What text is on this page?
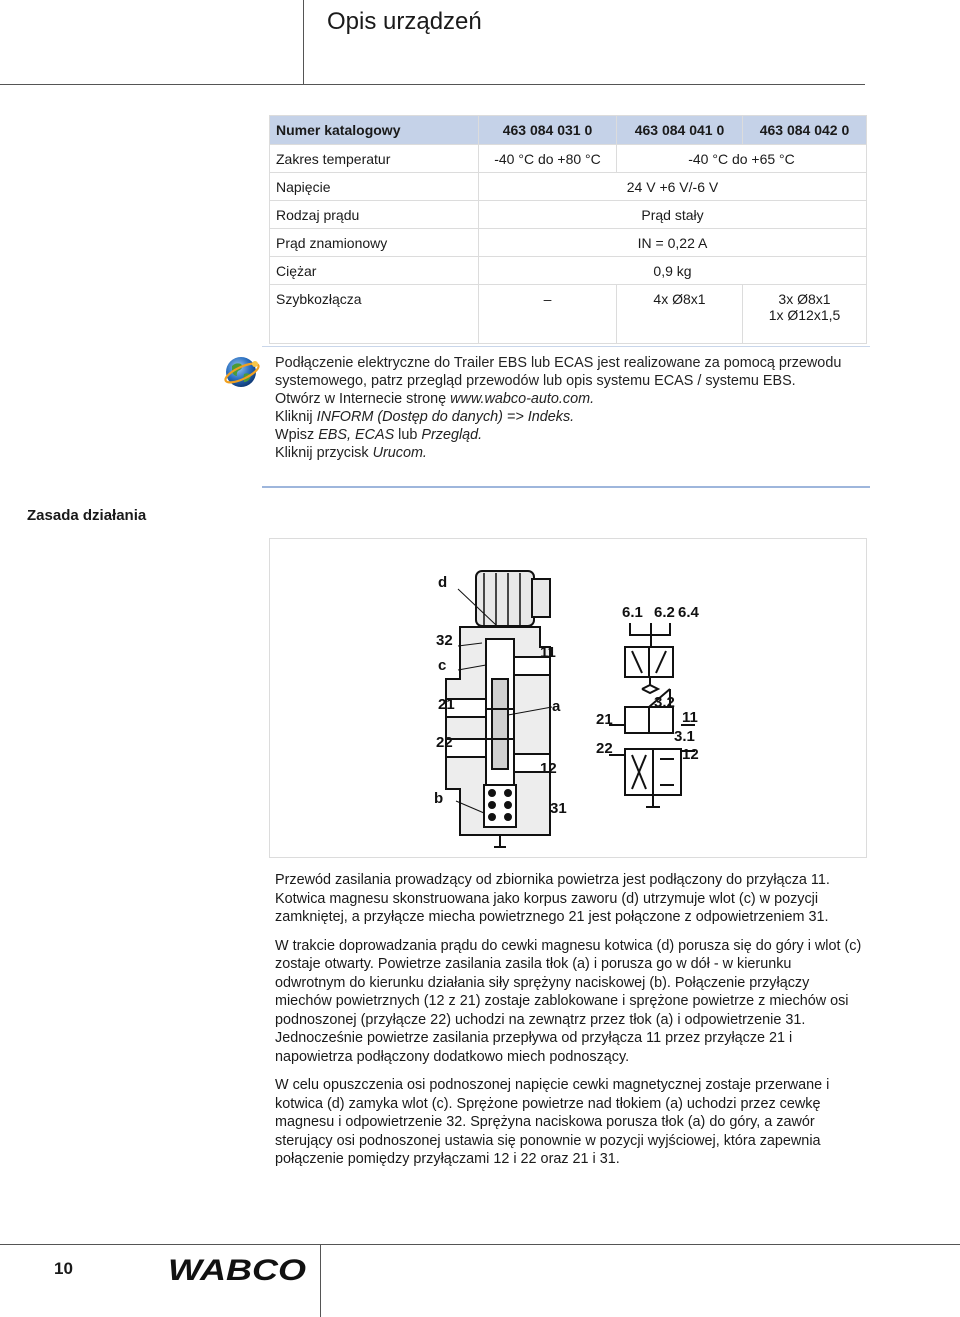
Opis urządzeń
Numer katalogowy	463 084 031 0	463 084 041 0	463 084 042 0
Zakres temperatur	-40 °C do +80 °C	-40 °C do +65 °C	
Napięcie	24 V +6 V/-6 V		
Rodzaj prądu	Prąd stały		
Prąd znamionowy	IN = 0,22 A		
Ciężar	0,9 kg		
Szybkozłącza	–	4x Ø8x1	3x Ø8x1
1x Ø12x1,5

Podłączenie elektryczne do Trailer EBS lub ECAS jest realizowane za pomocą przewodu systemowego, patrz przegląd przewodów lub opis systemu ECAS / systemu EBS.

Otwórz w Internecie stronę www.wabco-auto.com.

Kliknij INFORM (Dostęp do danych) => Indeks.

Wpisz EBS, ECAS lub Przegląd.

Kliknij przycisk Urucom.

Zasada działania
d
32
c
11
21	a
22
12
b
31
6.1 6.2 6.4
3.2
11
21
3.1
22	12

Przewód zasilania prowadzący od zbiornika powietrza jest podłączony do przyłącza 11. Kotwica magnesu skonstruowana jako korpus zaworu (d) utrzymuje wlot (c) w pozycji zamkniętej, a przyłącze miecha powietrznego 21 jest połączone z odpowietrzeniem 31.

W trakcie doprowadzania prądu do cewki magnesu kotwica (d) porusza się do góry i wlot (c) zostaje otwarty. Powietrze zasilania zasila tłok (a) i porusza go w dół - w kierunku odwrotnym do kierunku działania siły sprężyny naciskowej (b). Połączenie przyłączy miechów powietrznych (12 z 21) zostaje zablokowane i sprężone powietrze z miechów osi podnoszonej (przyłącze 22) uchodzi na zewnątrz przez tłok (a) i odpowietrzenie 31. Jednocześnie powietrze zasilania przepływa od przyłącza 11 przez przyłącze 21 i napowietrza podłączony dodatkowo miech podnoszący.

W celu opuszczenia osi podnoszonej napięcie cewki magnetycznej zostaje przerwane i kotwica (d) zamyka wlot (c). Sprężone powietrze nad tłokiem (a) uchodzi przez cewkę magnesu i odpowietrzenie 32. Sprężyna naciskowa porusza tłok (a) do góry, a zawór sterujący osi podnoszonej ustawia się ponownie w pozycji wyjściowej, która zapewnia połączenie pomiędzy przyłączami 12 i 22 oraz 21 i 31.

10	WABCO
